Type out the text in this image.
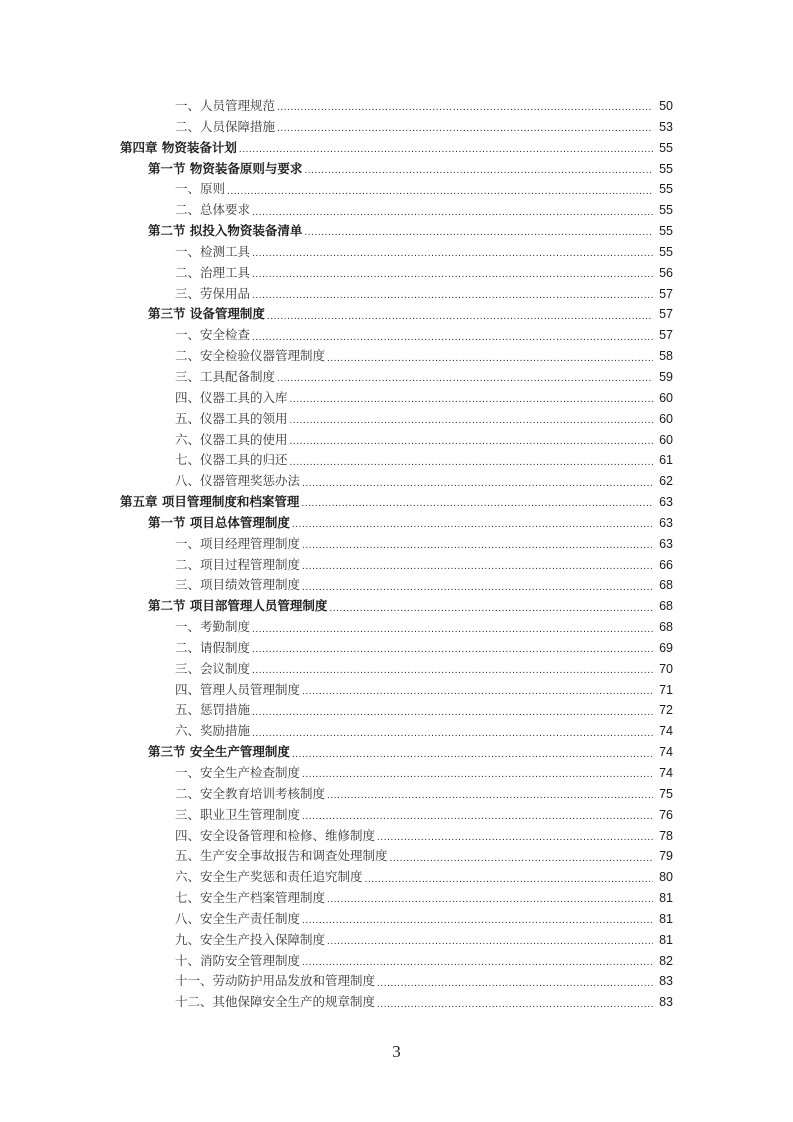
一、人员管理规范 .....	50
二、人员保障措施 .....	53
第四章 物资装备计划 .....	55
第一节 物资装备原则与要求 .....	55
一、原则 .....	55
二、总体要求 .....	55
第二节 拟投入物资装备清单 .....	55
一、检测工具 .....	55
二、治理工具 .....	56
三、劳保用品 .....	57
第三节 设备管理制度 .....	57
一、安全检查 .....	57
二、安全检验仪器管理制度 .....	58
三、工具配备制度 .....	59
四、仪器工具的入库 .....	60
五、仪器工具的领用 .....	60
六、仪器工具的使用 .....	60
七、仪器工具的归还 .....	61
八、仪器管理奖惩办法 .....	62
第五章 项目管理制度和档案管理 .....	63
第一节 项目总体管理制度 .....	63
一、项目经理管理制度 .....	63
二、项目过程管理制度 .....	66
三、项目绩效管理制度 .....	68
第二节 项目部管理人员管理制度 .....	68
一、考勤制度 .....	68
二、请假制度 .....	69
三、会议制度 .....	70
四、管理人员管理制度 .....	71
五、惩罚措施 .....	72
六、奖励措施 .....	74
第三节 安全生产管理制度 .....	74
一、安全生产检查制度 .....	74
二、安全教育培训考核制度 .....	75
三、职业卫生管理制度 .....	76
四、安全设备管理和检修、维修制度 .....	78
五、生产安全事故报告和调查处理制度 .....	79
六、安全生产奖惩和责任追究制度 .....	80
七、安全生产档案管理制度 .....	81
八、安全生产责任制度 .....	81
九、安全生产投入保障制度 .....	81
十、消防安全管理制度 .....	82
十一、劳动防护用品发放和管理制度 .....	83
十二、其他保障安全生产的规章制度 .....	83
3
